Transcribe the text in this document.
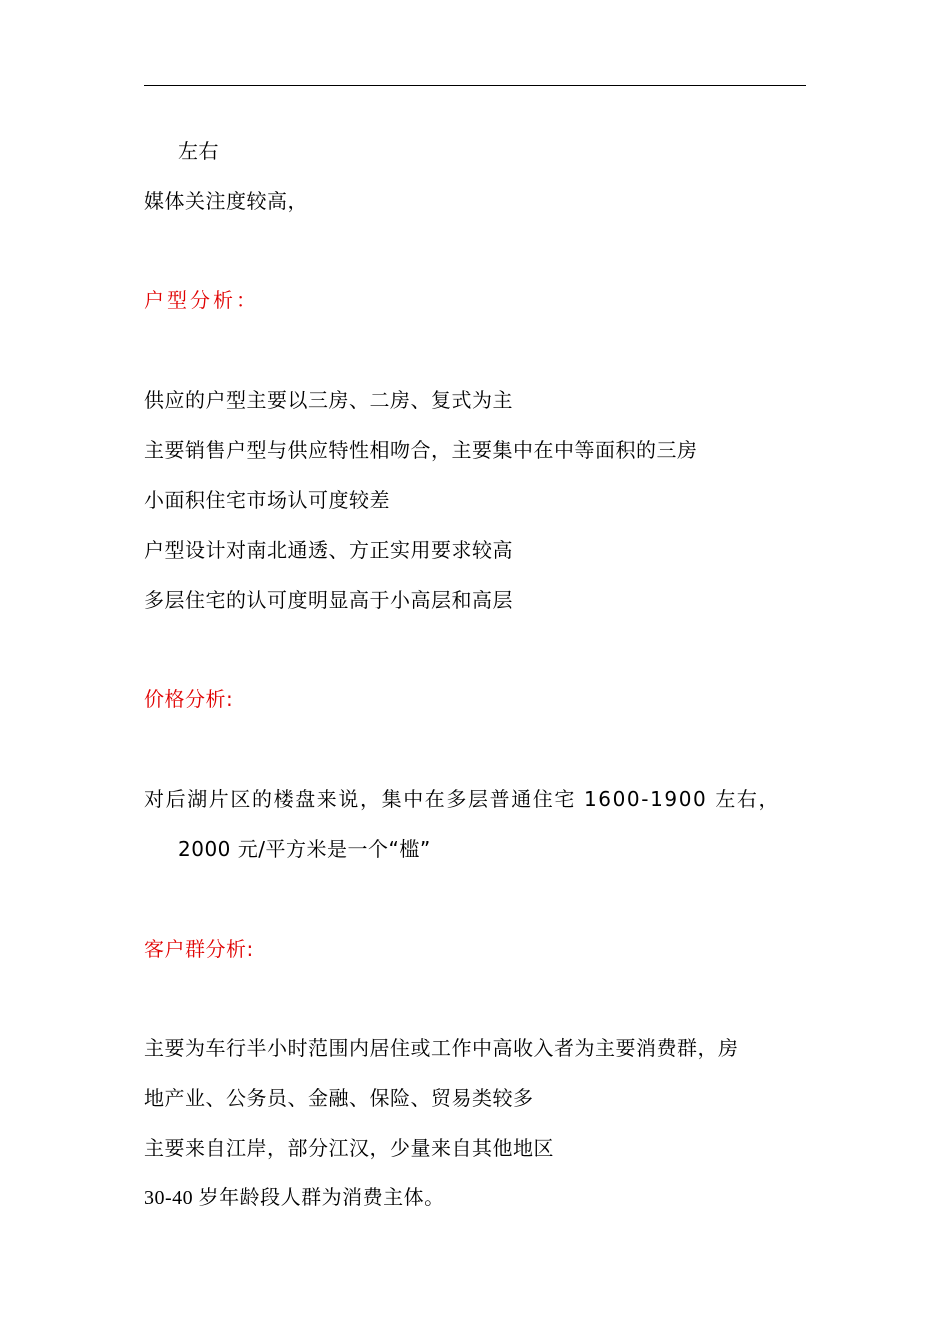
左右
媒体关注度较高，
户型分析：
供应的户型主要以三房、二房、复式为主
主要销售户型与供应特性相吻合，主要集中在中等面积的三房
小面积住宅市场认可度较差
户型设计对南北通透、方正实用要求较高
多层住宅的认可度明显高于小高层和高层
价格分析:
对后湖片区的楼盘来说，集中在多层普通住宅 1600-1900 左右，
2000 元/平方米是一个“槛”
客户群分析:
主要为车行半小时范围内居住或工作中高收入者为主要消费群，房
地产业、公务员、金融、保险、贸易类较多
主要来自江岸，部分江汉，少量来自其他地区
30-40 岁年龄段人群为消费主体。
